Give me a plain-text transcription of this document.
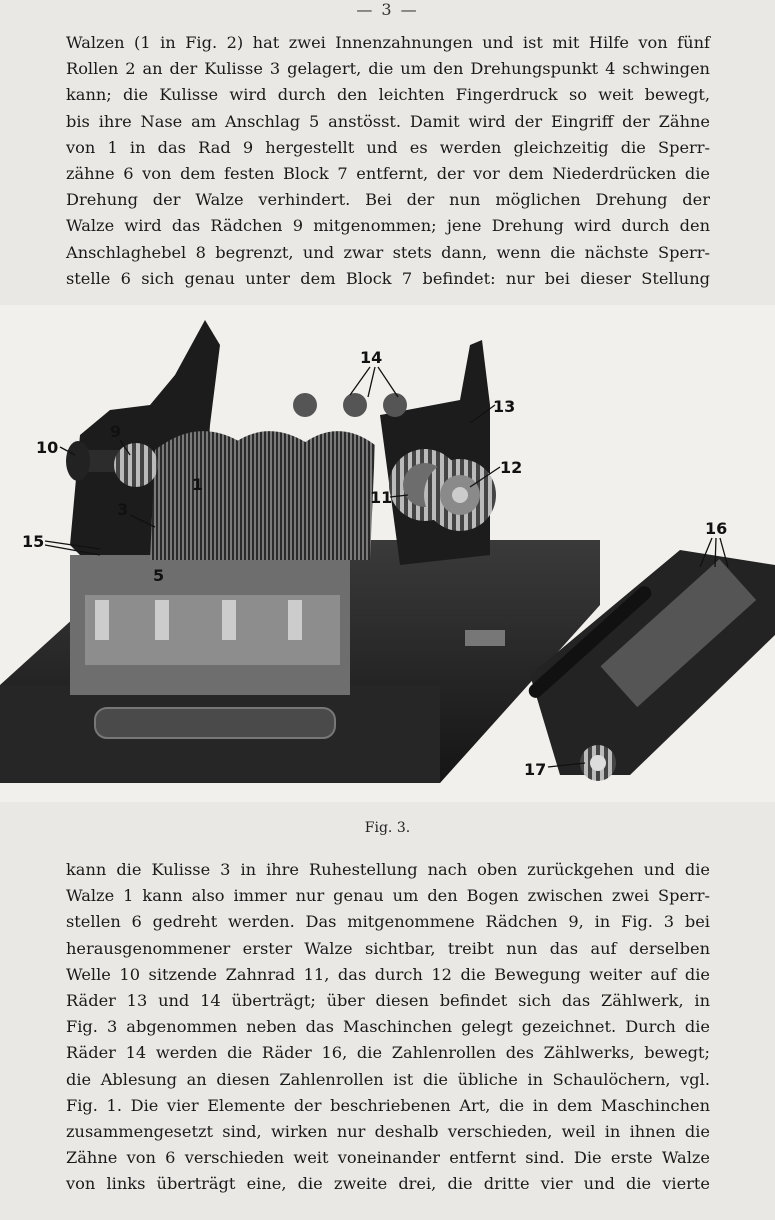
— 3 —
Walzen (1 in Fig. 2) hat zwei Innenzahnungen und ist mit Hilfe von fünf
Rollen 2 an der Kulisse 3 gelagert, die um den Drehungspunkt 4 schwingen
kann; die Kulisse wird durch den leichten Fingerdruck so weit bewegt,
bis ihre Nase am Anschlag 5 anstösst. Damit wird der Eingriff der Zähne
von 1 in das Rad 9 hergestellt und es werden gleichzeitig die Sperr-
zähne 6 von dem festen Block 7 entfernt, der vor dem Niederdrücken die
Drehung der Walze verhindert. Bei der nun möglichen Drehung der
Walze wird das Rädchen 9 mitgenommen; jene Drehung wird durch den
Anschlaghebel 8 begrenzt, und zwar stets dann, wenn die nächste Sperr-
stelle 6 sich genau unter dem Block 7 befindet: nur bei dieser Stellung
10
9
1
3
15
5
14
13
12
11
16
17
Fig. 3.
kann die Kulisse 3 in ihre Ruhestellung nach oben zurückgehen und die
Walze 1 kann also immer nur genau um den Bogen zwischen zwei Sperr-
stellen 6 gedreht werden. Das mitgenommene Rädchen 9, in Fig. 3 bei
herausgenommener erster Walze sichtbar, treibt nun das auf derselben
Welle 10 sitzende Zahnrad 11, das durch 12 die Bewegung weiter auf die
Räder 13 und 14 überträgt; über diesen befindet sich das Zählwerk, in
Fig. 3 abgenommen neben das Maschinchen gelegt gezeichnet. Durch die
Räder 14 werden die Räder 16, die Zahlenrollen des Zählwerks, bewegt;
die Ablesung an diesen Zahlenrollen ist die übliche in Schaulöchern, vgl.
Fig. 1. Die vier Elemente der beschriebenen Art, die in dem Maschinchen
zusammengesetzt sind, wirken nur deshalb verschieden, weil in ihnen die
Zähne von 6 verschieden weit voneinander entfernt sind. Die erste Walze
von links überträgt eine, die zweite drei, die dritte vier und die vierte
